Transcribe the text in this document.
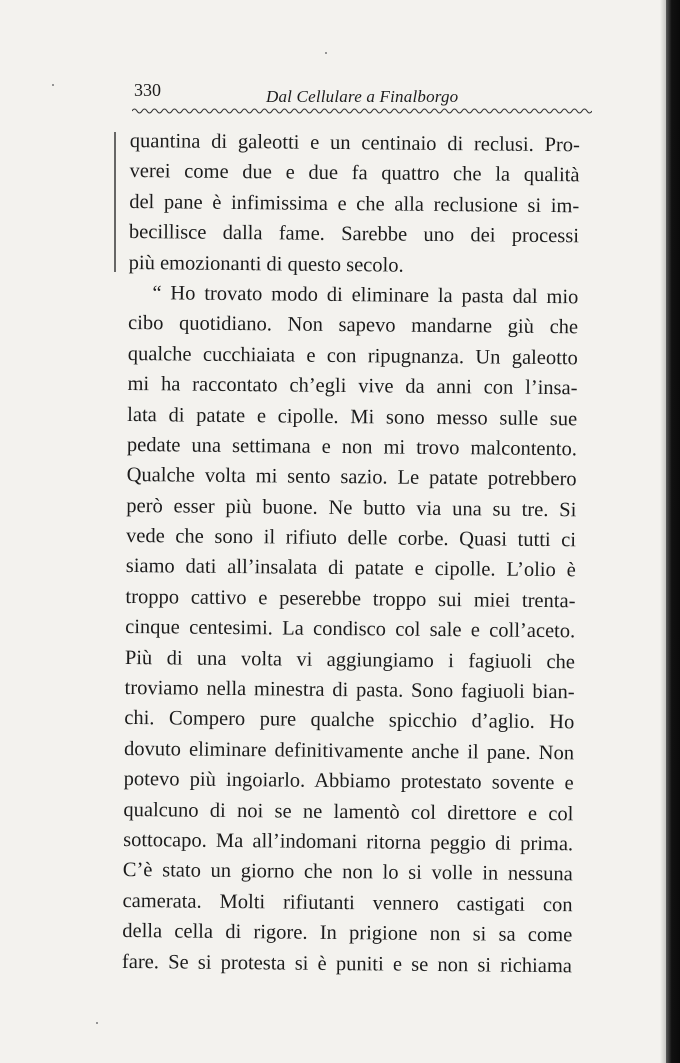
330	Dal Cellulare a Finalborgo
quantina di galeotti e un centinaio di reclusi. Pro-
verei come due e due fa quattro che la qualità
del pane è infimissima e che alla reclusione si im-
becillisce dalla fame. Sarebbe uno dei processi
più emozionanti di questo secolo.
“ Ho trovato modo di eliminare la pasta dal mio
cibo quotidiano. Non sapevo mandarne giù che
qualche cucchiaiata e con ripugnanza. Un galeotto
mi ha raccontato ch’egli vive da anni con l’insa-
lata di patate e cipolle. Mi sono messo sulle sue
pedate una settimana e non mi trovo malcontento.
Qualche volta mi sento sazio. Le patate potrebbero
però esser più buone. Ne butto via una su tre. Si
vede che sono il rifiuto delle corbe. Quasi tutti ci
siamo dati all’insalata di patate e cipolle. L’olio è
troppo cattivo e peserebbe troppo sui miei trenta-
cinque centesimi. La condisco col sale e coll’aceto.
Più di una volta vi aggiungiamo i fagiuoli che
troviamo nella minestra di pasta. Sono fagiuoli bian-
chi. Compero pure qualche spicchio d’aglio. Ho
dovuto eliminare definitivamente anche il pane. Non
potevo più ingoiarlo. Abbiamo protestato sovente e
qualcuno di noi se ne lamentò col direttore e col
sottocapo. Ma all’indomani ritorna peggio di prima.
C’è stato un giorno che non lo si volle in nessuna
camerata. Molti rifiutanti vennero castigati con
della cella di rigore. In prigione non si sa come
fare. Se si protesta si è puniti e se non si richiama
